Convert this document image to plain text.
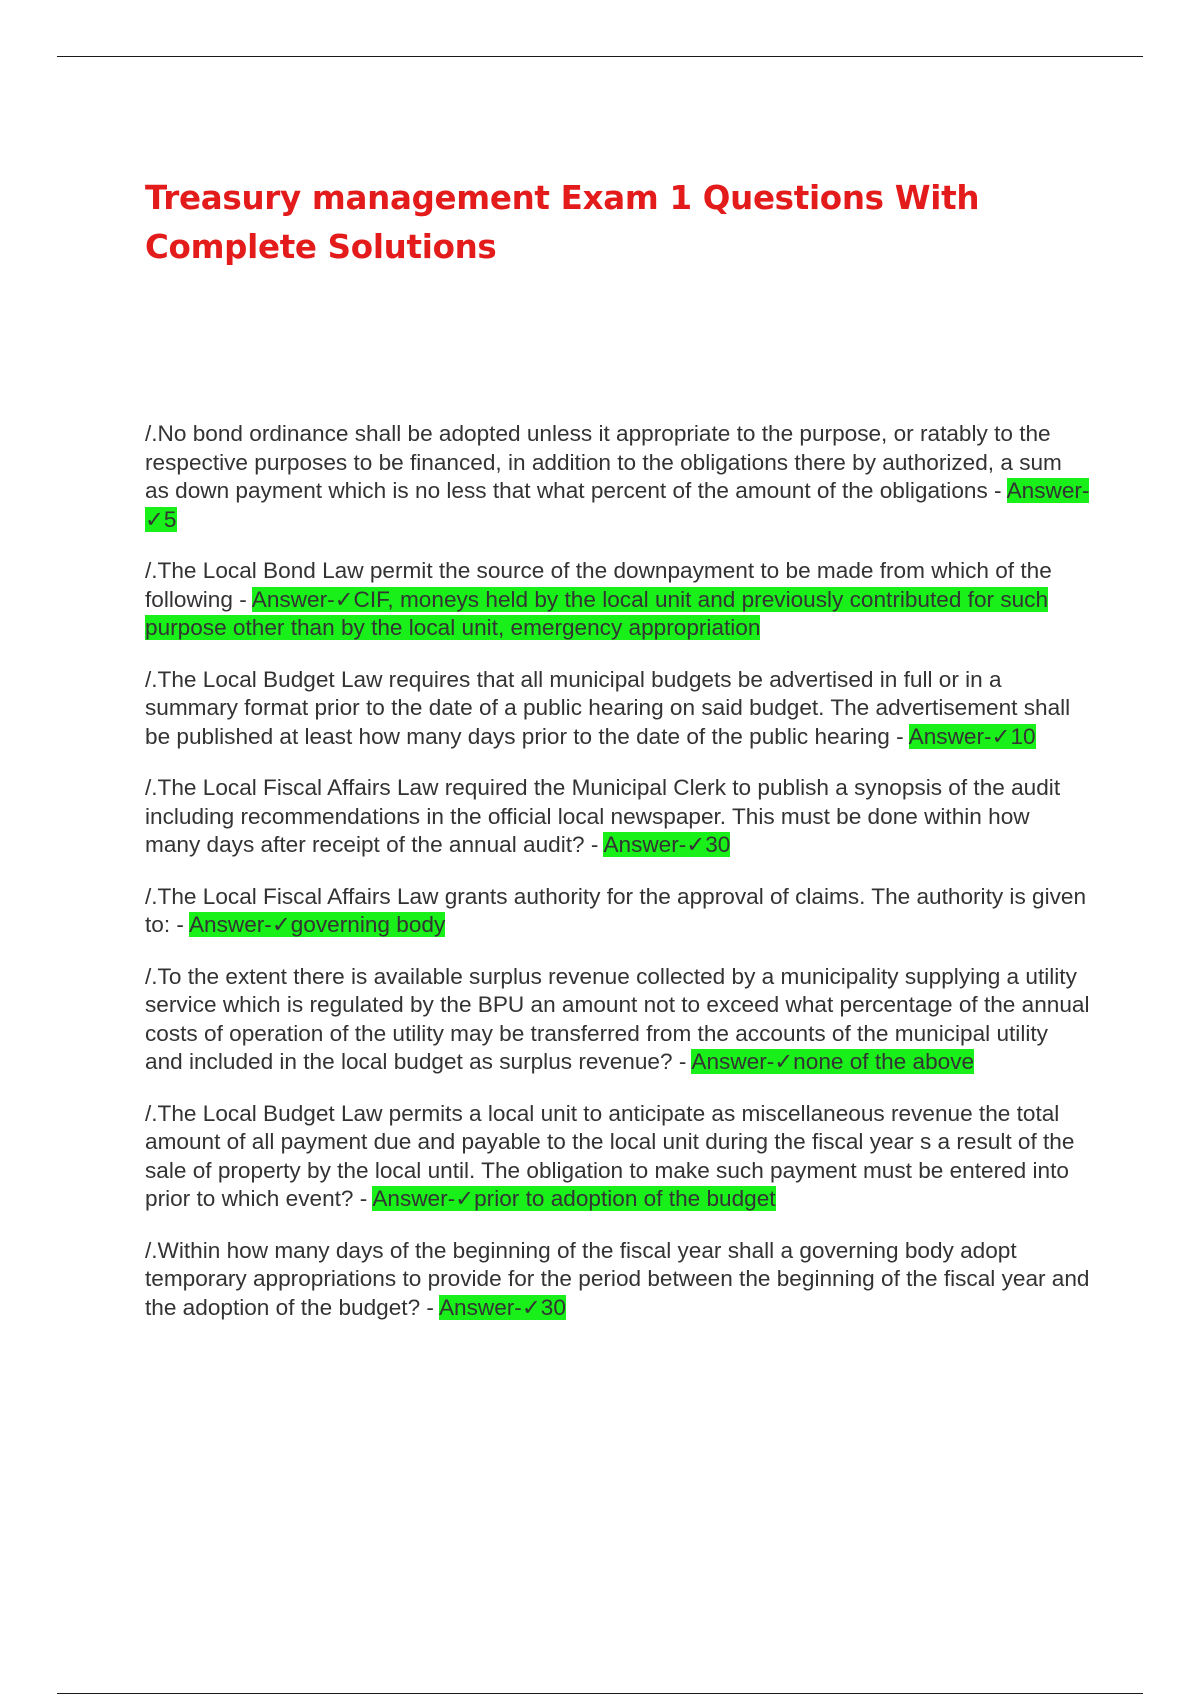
Treasury management Exam 1 Questions With Complete Solutions

/.No bond ordinance shall be adopted unless it appropriate to the purpose, or ratably to the respective purposes to be financed, in addition to the obligations there by authorized, a sum as down payment which is no less that what percent of the amount of the obligations - Answer-✓5

/.The Local Bond Law permit the source of the downpayment to be made from which of the following - Answer-✓CIF, moneys held by the local unit and previously contributed for such purpose other than by the local unit, emergency appropriation

/.The Local Budget Law requires that all municipal budgets be advertised in full or in a summary format prior to the date of a public hearing on said budget. The advertisement shall be published at least how many days prior to the date of the public hearing - Answer-✓10

/.The Local Fiscal Affairs Law required the Municipal Clerk to publish a synopsis of the audit including recommendations in the official local newspaper. This must be done within how many days after receipt of the annual audit? - Answer-✓30

/.The Local Fiscal Affairs Law grants authority for the approval of claims. The authority is given to: - Answer-✓governing body

/.To the extent there is available surplus revenue collected by a municipality supplying a utility service which is regulated by the BPU an amount not to exceed what percentage of the annual costs of operation of the utility may be transferred from the accounts of the municipal utility and included in the local budget as surplus revenue? - Answer-✓none of the above

/.The Local Budget Law permits a local unit to anticipate as miscellaneous revenue the total amount of all payment due and payable to the local unit during the fiscal year s a result of the sale of property by the local until. The obligation to make such payment must be entered into prior to which event? - Answer-✓prior to adoption of the budget

/.Within how many days of the beginning of the fiscal year shall a governing body adopt temporary appropriations to provide for the period between the beginning of the fiscal year and the adoption of the budget? - Answer-✓30
